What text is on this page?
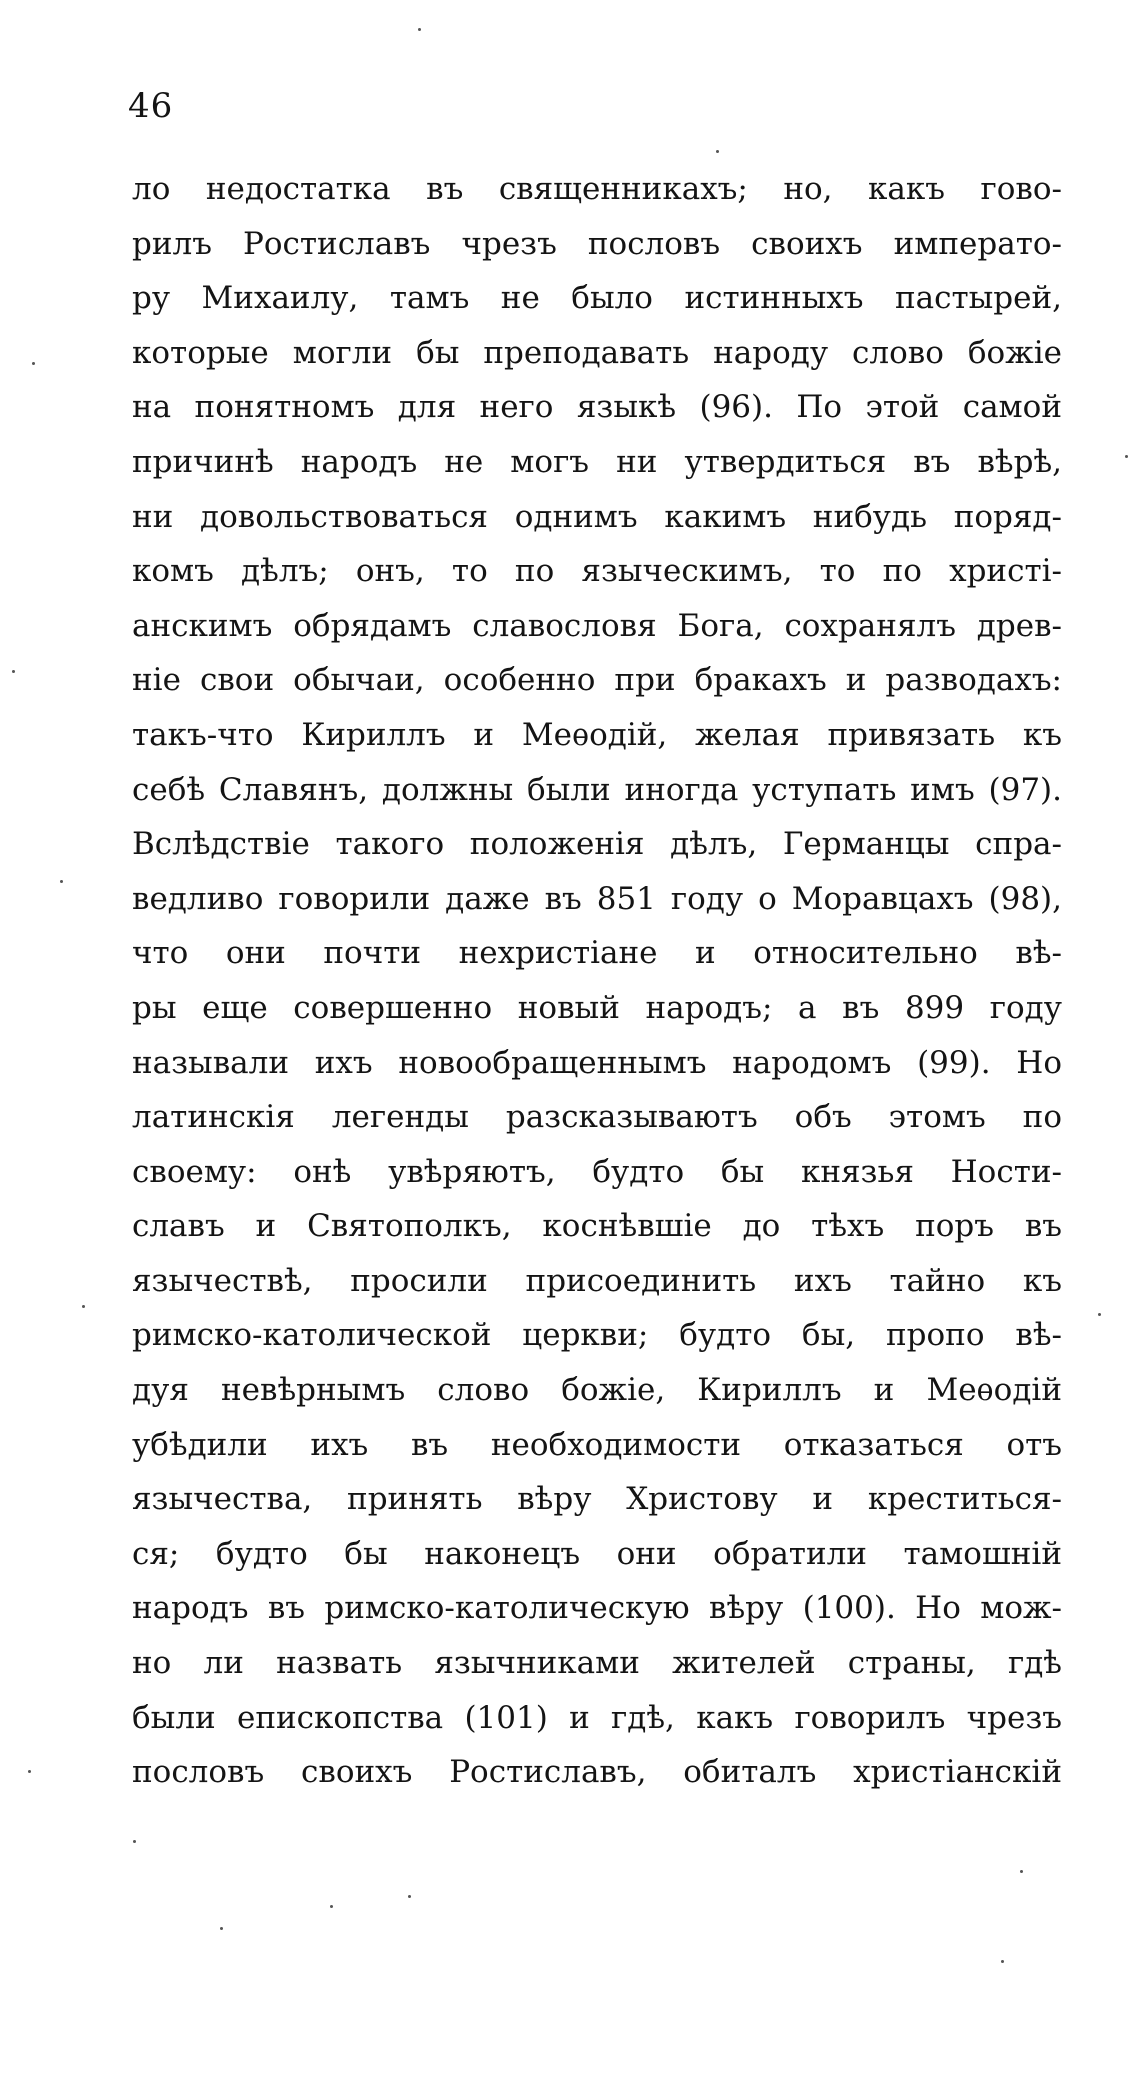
46
ло недостатка въ священникахъ; но, какъ гово-
рилъ Ростиславъ чрезъ пословъ своихъ императо-
ру Михаилу, тамъ не было истинныхъ пастырей,
которые могли бы преподавать народу слово божіе
на понятномъ для него языкѣ (96). По этой самой
причинѣ народъ не могъ ни утвердиться въ вѣрѣ,
ни довольствоваться однимъ какимъ нибудь поряд-
комъ дѣлъ; онъ, то по языческимъ, то по христі-
анскимъ обрядамъ славословя Бога, сохранялъ древ-
ніе свои обычаи, особенно при бракахъ и разводахъ:
такъ-что Кириллъ и Меѳодій, желая привязать къ
себѣ Славянъ, должны были иногда уступать имъ (97).
Вслѣдствіе такого положенія дѣлъ, Германцы спра-
ведливо говорили даже въ 851 году о Моравцахъ (98),
что они почти нехристіане и относительно вѣ-
ры еще совершенно новый народъ; а въ 899 году
называли ихъ новообращеннымъ народомъ (99). Но
латинскія легенды разсказываютъ объ этомъ по
своему: онѣ увѣряютъ, будто бы князья Ности-
славъ и Святополкъ, коснѣвшіе до тѣхъ поръ въ
язычествѣ, просили присоединить ихъ тайно къ
римско-католической церкви; будто бы, пропо вѣ-
дуя невѣрнымъ слово божіе, Кириллъ и Меѳодій
убѣдили ихъ въ необходимости отказаться отъ
язычества, принять вѣру Христову и креститься-
ся; будто бы наконецъ они обратили тамошній
народъ въ римско-католическую вѣру (100). Но мож-
но ли назвать язычниками жителей страны, гдѣ
были епископства (101) и гдѣ, какъ говорилъ чрезъ
пословъ своихъ Ростиславъ, обиталъ христіанскій
